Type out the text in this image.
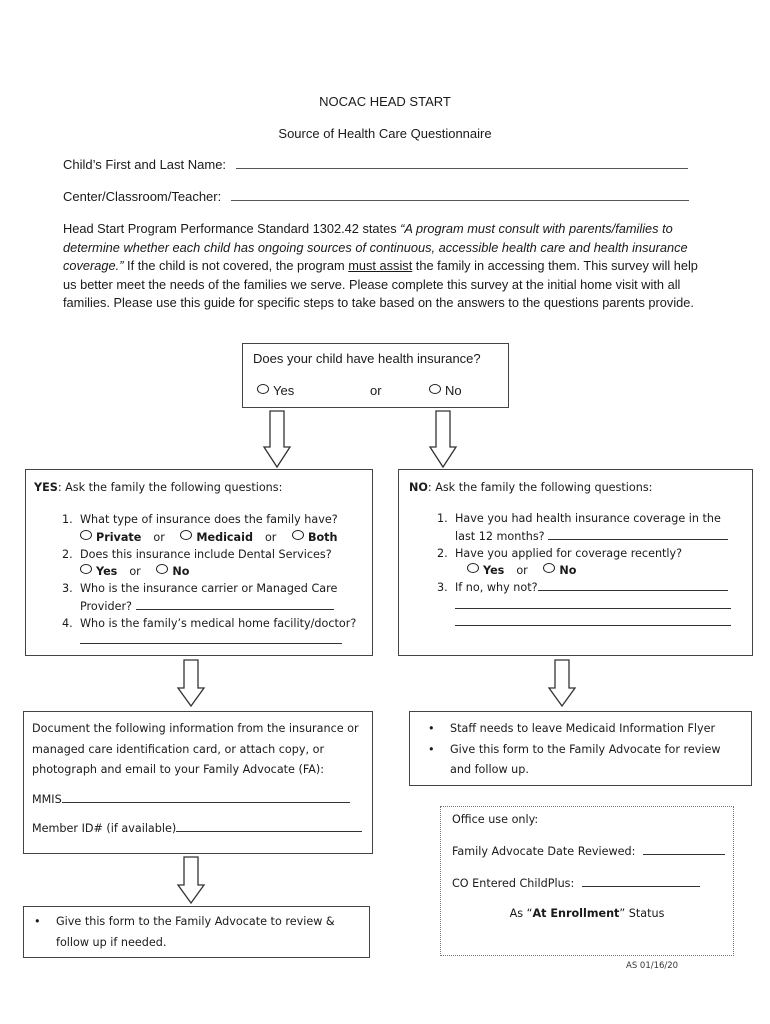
NOCAC HEAD START
Source of Health Care Questionnaire
Child’s First and Last Name:
Center/Classroom/Teacher:
Head Start Program Performance Standard 1302.42 states “A program must consult with parents/families to determine whether each child has ongoing sources of continuous, accessible health care and health insurance coverage.” If the child is not covered, the program must assist the family in accessing them. This survey will help us better meet the needs of the families we serve. Please complete this survey at the initial home visit with all families. Please use this guide for specific steps to take based on the answers to the questions parents provide.
Does your child have health insurance?
Yes	or	No
YES: Ask the family the following questions:
1. What type of insurance does the family have?
Private or	Medicaid or	Both
2. Does this insurance include Dental Services?
Yes or	No
3. Who is the insurance carrier or Managed Care
Provider?
4. Who is the family’s medical home facility/doctor?
NO: Ask the family the following questions:
1. Have you had health insurance coverage in the
last 12 months?
2. Have you applied for coverage recently?
Yes or	No
3. If no, why not?
Document the following information from the insurance or managed care identification card, or attach copy, or photograph and email to your Family Advocate (FA):
MMIS
Member ID# (if available)
• Staff needs to leave Medicaid Information Flyer
• Give this form to the Family Advocate for review and follow up.
Office use only:
Family Advocate Date Reviewed:
CO Entered ChildPlus:
As “At Enrollment” Status
• Give this form to the Family Advocate to review & follow up if needed.
AS 01/16/20
